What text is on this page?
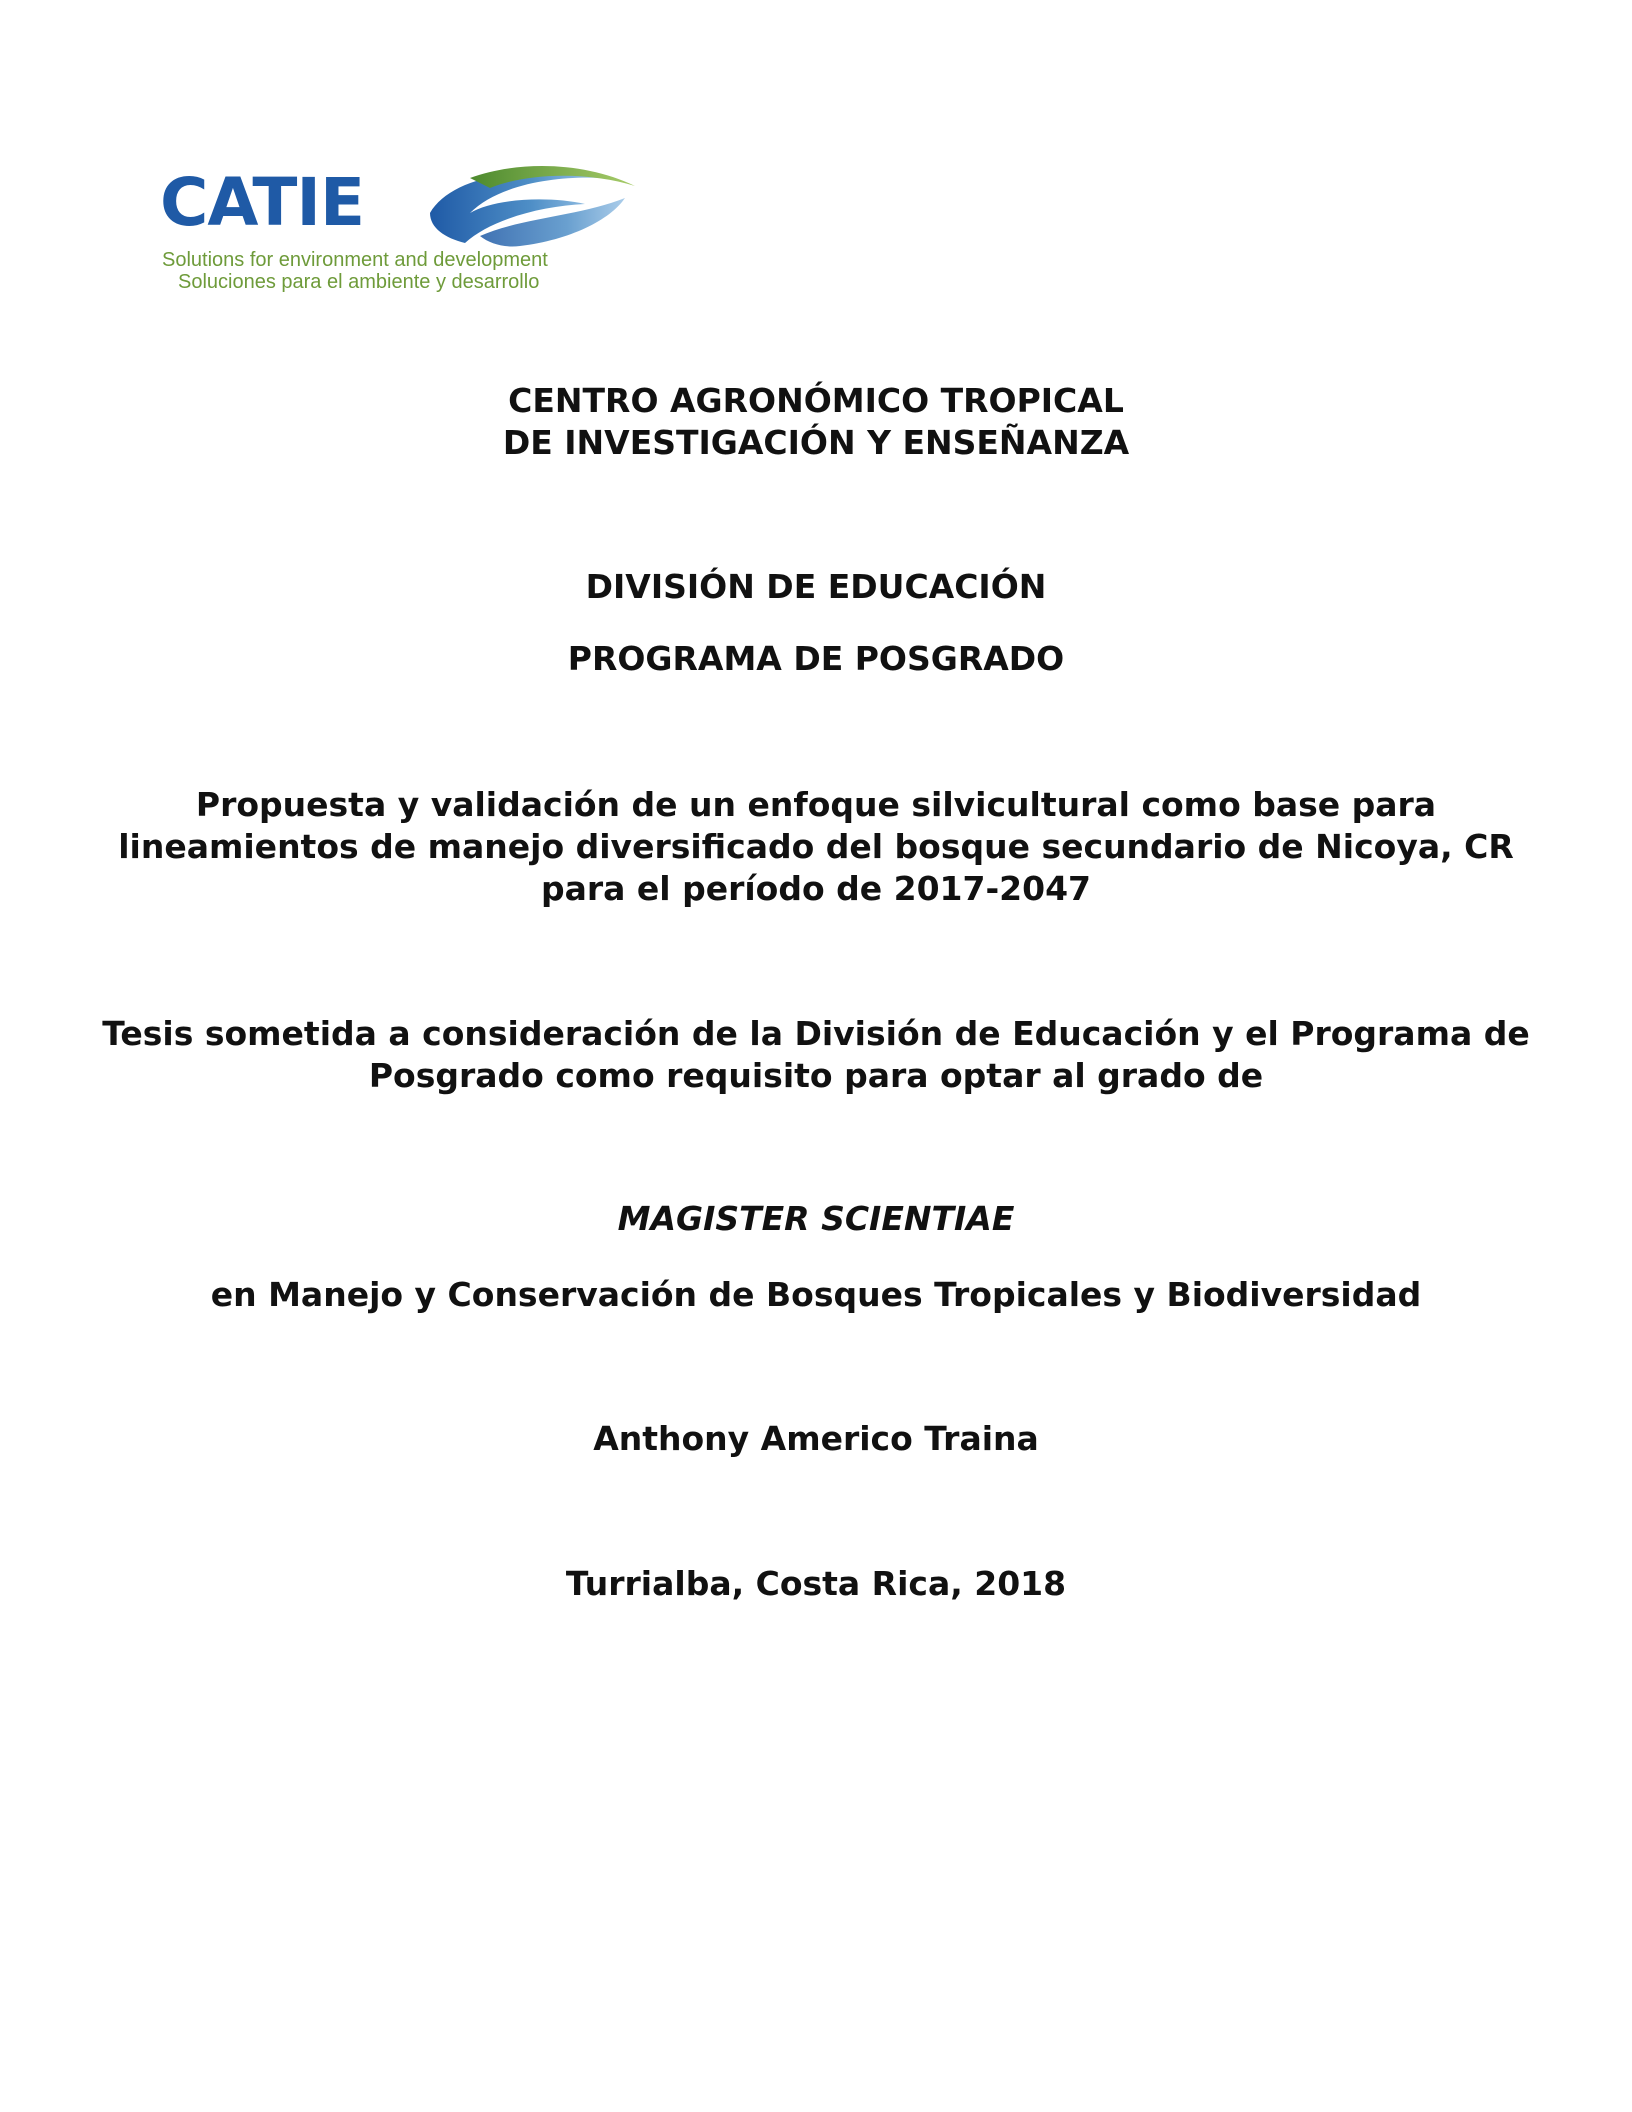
CATIE
Solutions for environment and development
Soluciones para el ambiente y desarrollo
CENTRO AGRONÓMICO TROPICAL
DE INVESTIGACIÓN Y ENSEÑANZA
DIVISIÓN DE EDUCACIÓN
PROGRAMA DE POSGRADO
Propuesta y validación de un enfoque silvicultural como base para
lineamientos de manejo diversificado del bosque secundario de Nicoya, CR
para el período de 2017-2047
Tesis sometida a consideración de la División de Educación y el Programa de
Posgrado como requisito para optar al grado de
MAGISTER SCIENTIAE
en Manejo y Conservación de Bosques Tropicales y Biodiversidad
Anthony Americo Traina
Turrialba, Costa Rica, 2018
